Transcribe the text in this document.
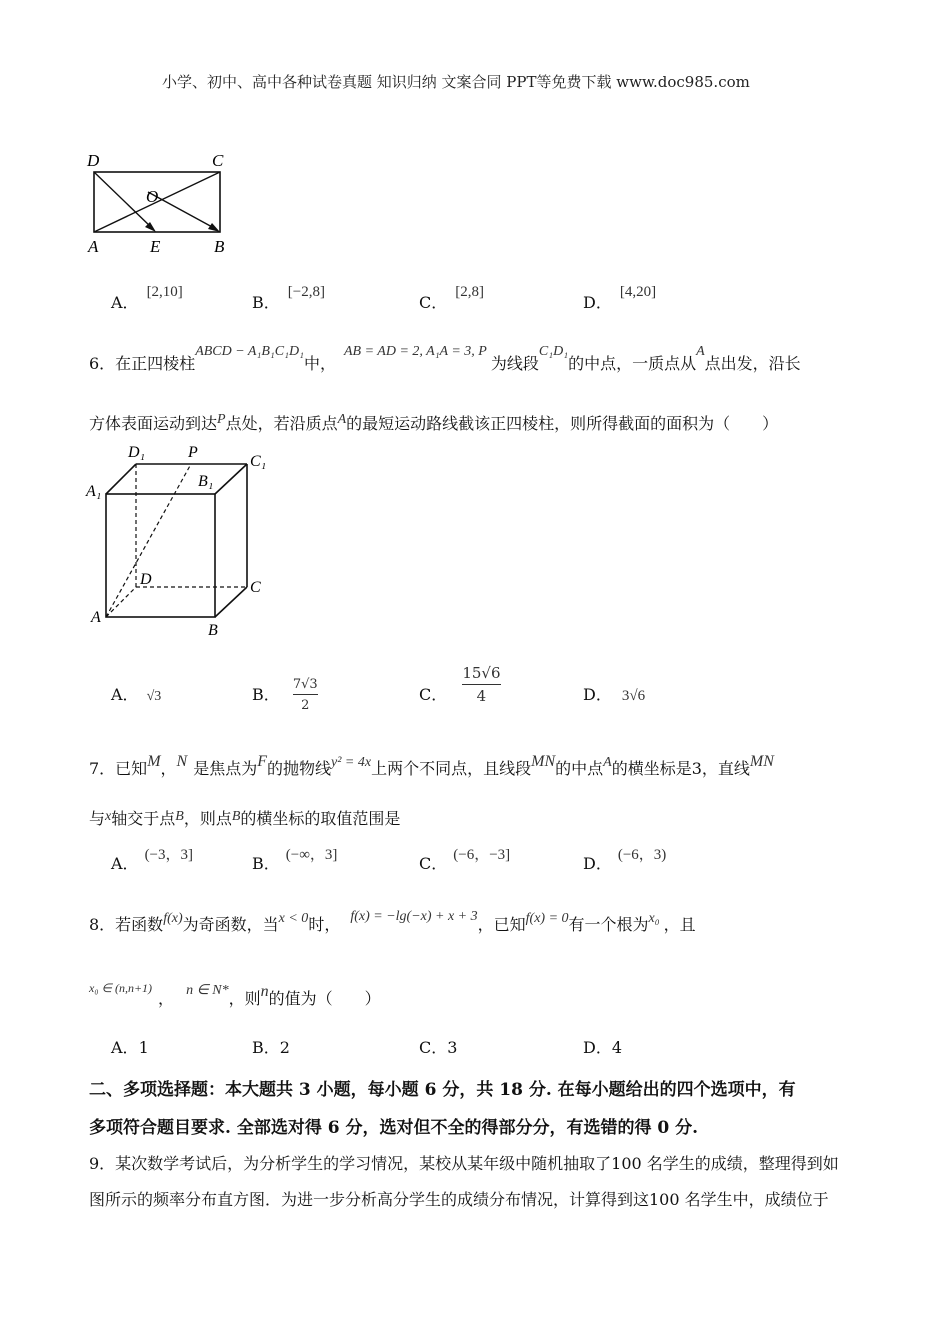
小学、初中、高中各种试卷真题 知识归纳 文案合同 PPT等免费下载 www.doc985.com
D	C
O
A	E	B
A．[2,10]
B．[−2,8]
C．[2,8]
D．[4,20]
6．在正四棱柱ABCD − A₁B₁C₁D₁中，AB = AD = 2, A₁A = 3, P为线段C₁D₁的中点，一质点从A点出发，沿长
方体表面运动到达P点处，若沿质点A的最短运动路线截该正四棱柱，则所得截面的面积为（　　）
D₁	P
C₁
A₁
B₁
D	C
A
B
A． √3	B． $\frac{7√3}{2}$	C． $\frac{15√6}{4}$	D． 3√6
7．已知M，N 是焦点为F的抛物线y² = 4x上两个不同点，且线段MN的中点A的横坐标是3，直线MN
与x轴交于点B，则点B的横坐标的取值范围是
A． (−3，3]	B． (−∞，3]	C． (−6，−3]	D． (−6，3)
8．若函数f(x)为奇函数，当x < 0时， f(x) = −lg(−x) + x + 3，已知f(x) = 0有一个根为x₀ ，且
$^{x_0 \in (n,n+1)}$， n ∈ N*，则n的值为（　　）
A．1	B．2	C．3	D．4
二、多项选择题：本大题共 3 小题，每小题 6 分，共 18 分. 在每小题给出的四个选项中，有
多项符合题目要求. 全部选对得 6 分，选对但不全的得部分分，有选错的得 0 分.
9．某次数学考试后，为分析学生的学习情况，某校从某年级中随机抽取了100 名学生的成绩，整理得到如
图所示的频率分布直方图．为进一步分析高分学生的成绩分布情况，计算得到这100 名学生中，成绩位于
